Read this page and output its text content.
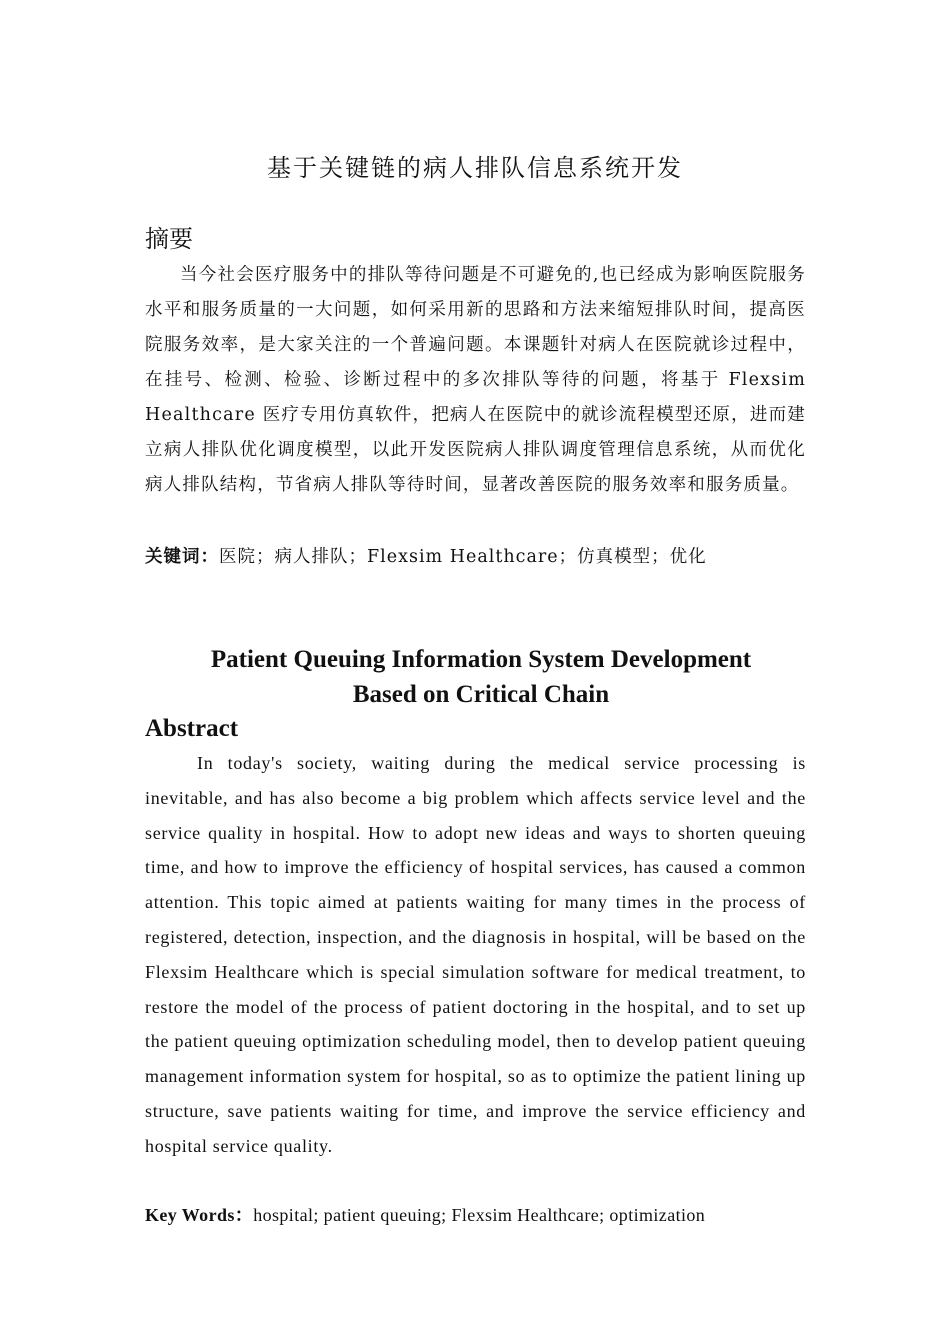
基于关键链的病人排队信息系统开发
摘要

当今社会医疗服务中的排队等待问题是不可避免的,也已经成为影响医院服务水平和服务质量的一大问题，如何采用新的思路和方法来缩短排队时间，提高医院服务效率，是大家关注的一个普遍问题。本课题针对病人在医院就诊过程中，在挂号、检测、检验、诊断过程中的多次排队等待的问题，将基于 Flexsim Healthcare 医疗专用仿真软件，把病人在医院中的就诊流程模型还原，进而建立病人排队优化调度模型，以此开发医院病人排队调度管理信息系统，从而优化病人排队结构，节省病人排队等待时间，显著改善医院的服务效率和服务质量。

关键词：医院；病人排队；Flexsim Healthcare；仿真模型；优化
Patient Queuing Information System Development
Based on Critical Chain
Abstract

In today's society, waiting during the medical service processing is inevitable, and has also become a big problem which affects service level and the service quality in hospital. How to adopt new ideas and ways to shorten queuing time, and how to improve the efficiency of hospital services, has caused a common attention. This topic aimed at patients waiting for many times in the process of registered, detection, inspection, and the diagnosis in hospital, will be based on the Flexsim Healthcare which is special simulation software for medical treatment, to restore the model of the process of patient doctoring in the hospital, and to set up the patient queuing optimization scheduling model, then to develop patient queuing management information system for hospital, so as to optimize the patient lining up structure, save patients waiting for time, and improve the service efficiency and hospital service quality.

Key Words：hospital; patient queuing; Flexsim Healthcare; optimization
